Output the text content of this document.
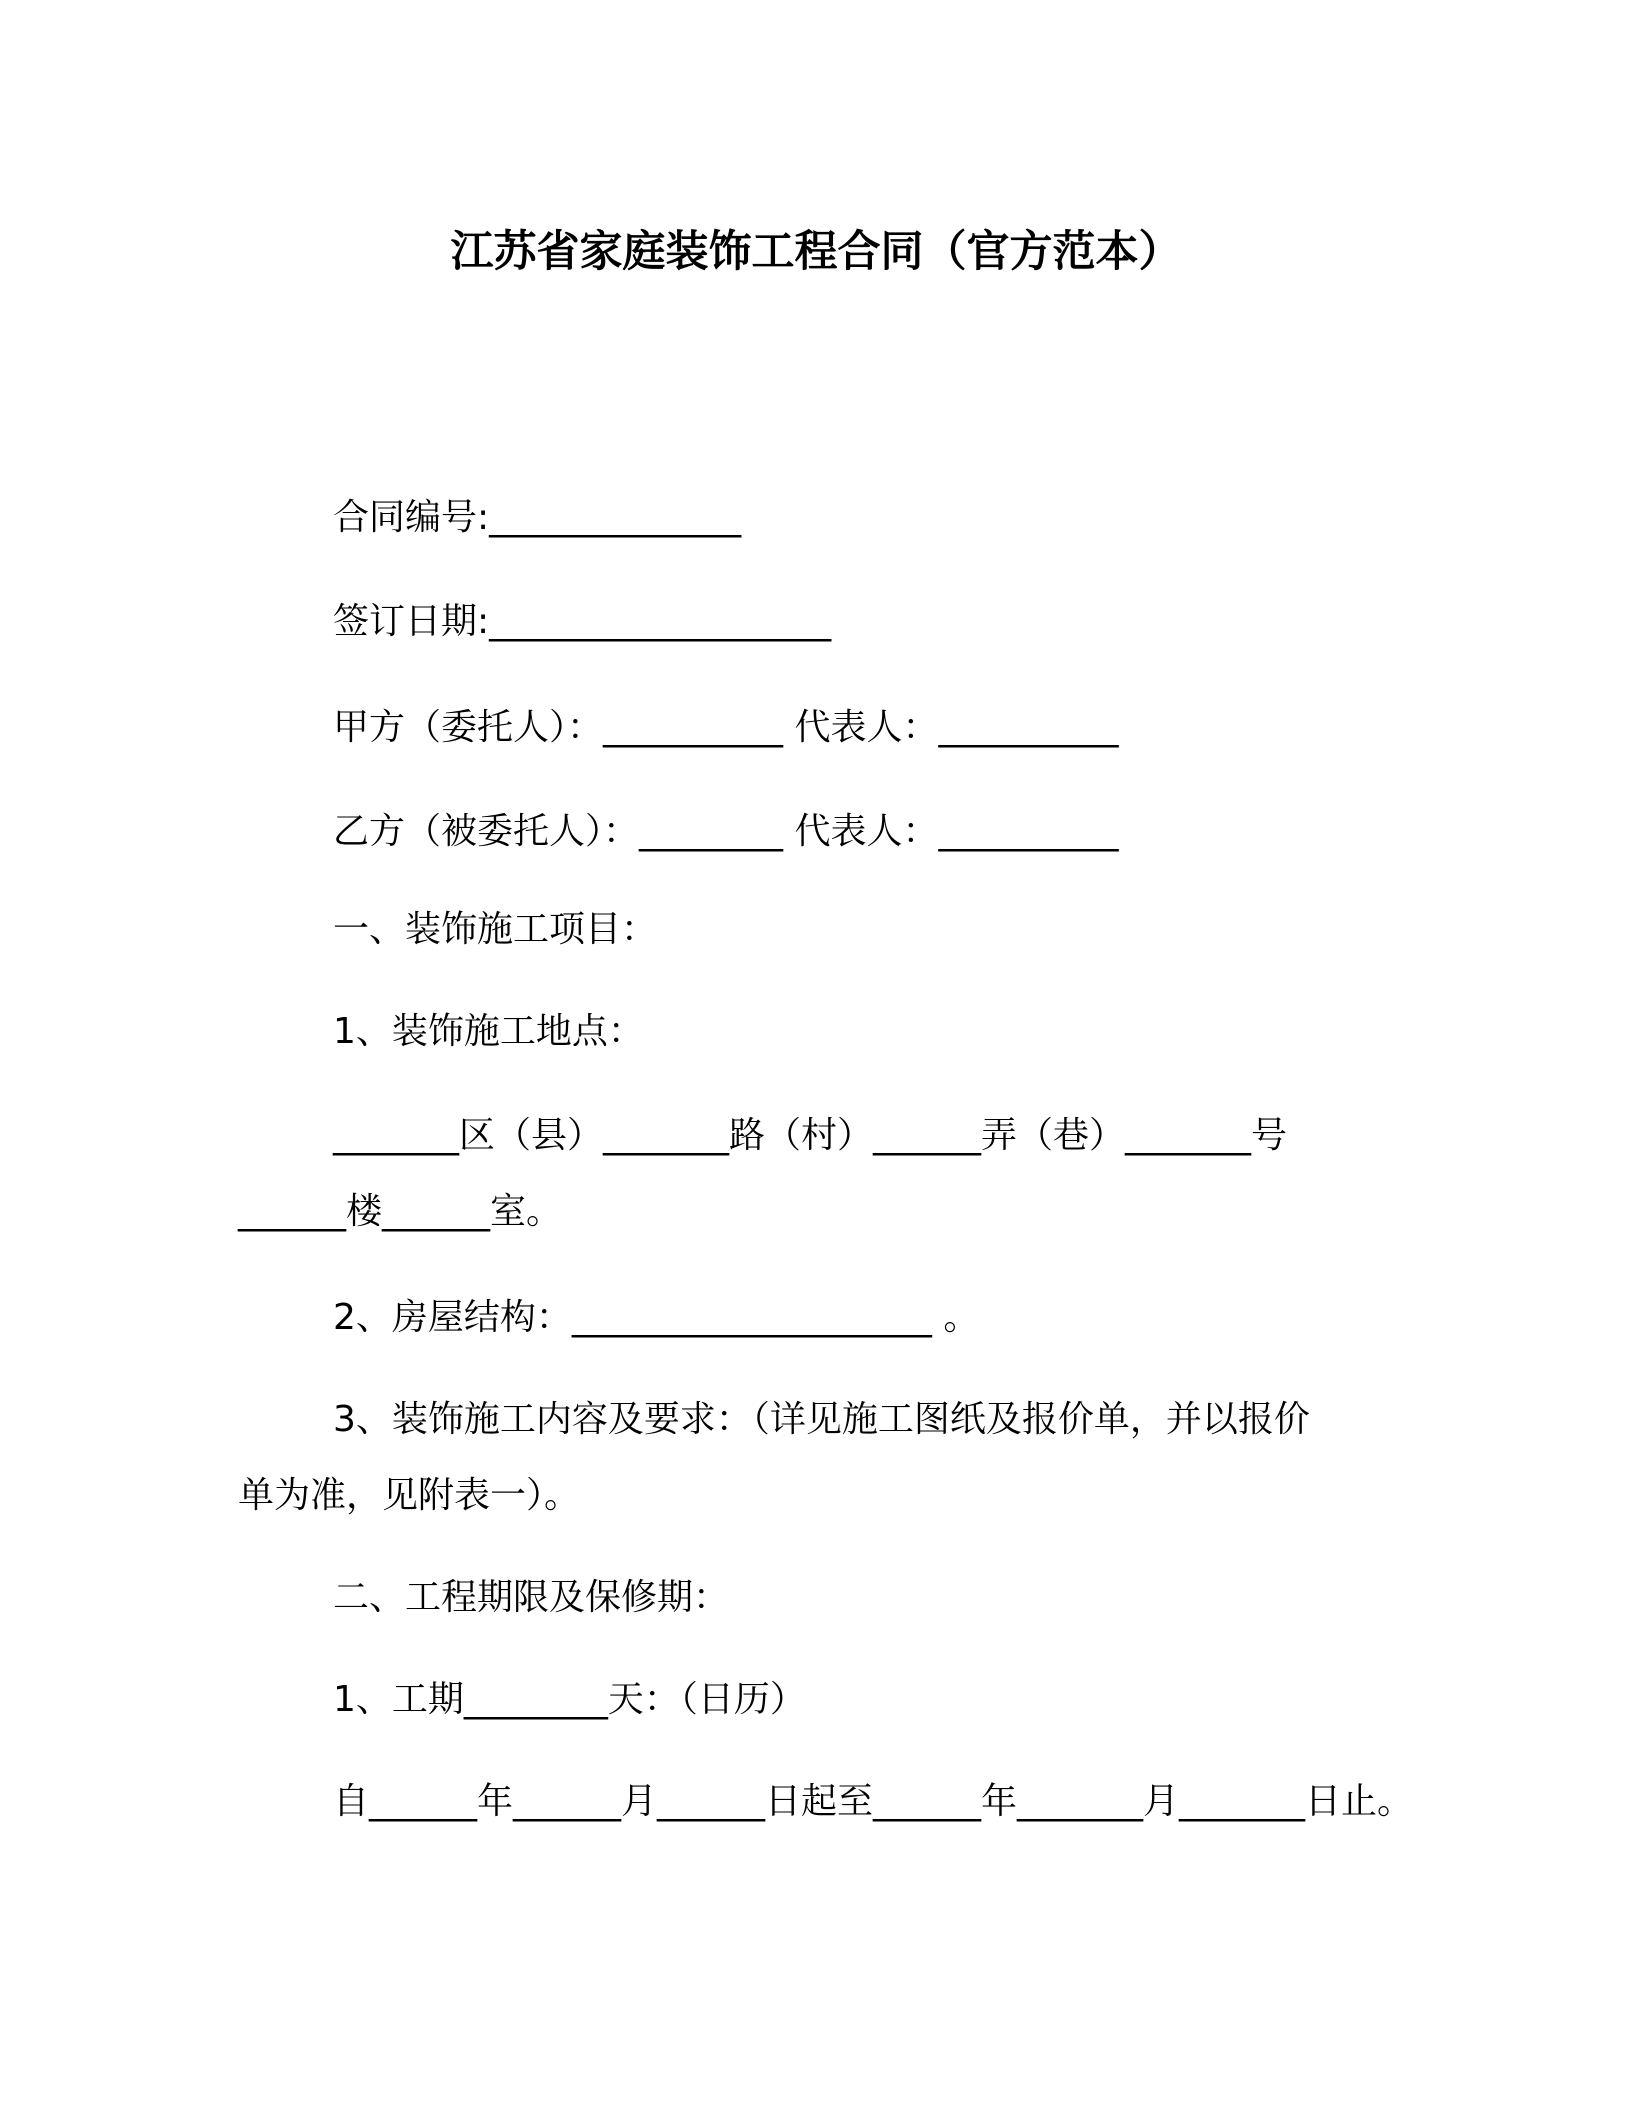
江苏省家庭装饰工程合同（官方范本）
合同编号:______________
签订日期:___________________
甲方（委托人）：__________ 代表人：__________
乙方（被委托人）：________ 代表人：__________
一、装饰施工项目：
1、装饰施工地点：
_______区（县）_______路（村）______弄（巷）_______号
______楼______室。
2、房屋结构：____________________ 。
3、装饰施工内容及要求：（详见施工图纸及报价单，并以报价
单为准，见附表一）。
二、工程期限及保修期：
1、工期________天：（日历）
自______年______月______日起至______年_______月_______日止。
